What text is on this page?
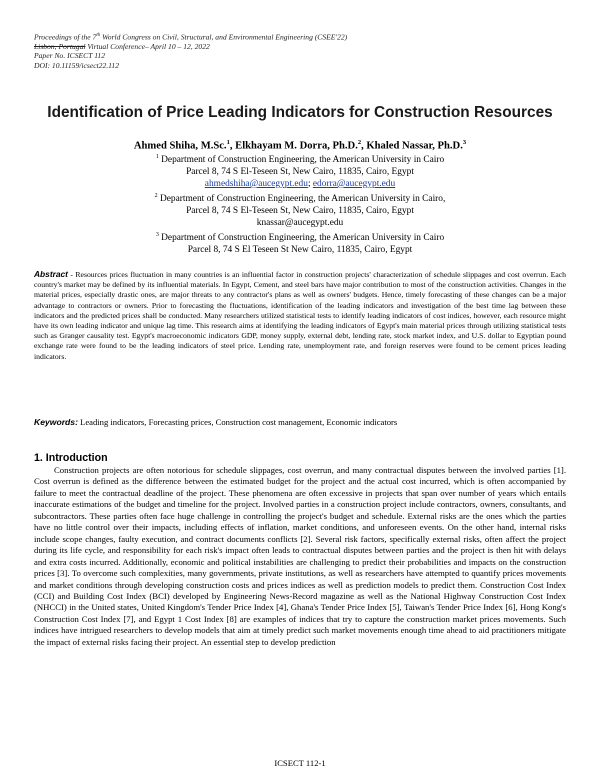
Proceedings of the 7th World Congress on Civil, Structural, and Environmental Engineering (CSEE'22)
Lisbon, Portugal Virtual Conference– April 10 – 12, 2022
Paper No. ICSECT 112
DOI: 10.11159/icsect22.112
Identification of Price Leading Indicators for Construction Resources
Ahmed Shiha, M.Sc.$^1$, Elkhayam M. Dorra, Ph.D.$^2$, Khaled Nassar, Ph.D.$^3$
$^1$ Department of Construction Engineering, the American University in Cairo
Parcel 8, 74 S El-Teseen St, New Cairo, 11835, Cairo, Egypt
ahmedshiha@aucegypt.edu; edorra@aucegypt.edu
$^2$ Department of Construction Engineering, the American University in Cairo,
Parcel 8, 74 S El-Teseen St, New Cairo, 11835, Cairo, Egypt
knassar@aucegypt.edu
$^3$ Department of Construction Engineering, the American University in Cairo
Parcel 8, 74 S El Teseen St New Cairo, 11835, Cairo, Egypt
Abstract - Resources prices fluctuation in many countries is an influential factor in construction projects' characterization of schedule slippages and cost overrun. Each country's market may be defined by its influential materials. In Egypt, Cement, and steel bars have major contribution to most of the construction activities. Changes in the material prices, especially drastic ones, are major threats to any contractor's plans as well as owners' budgets. Hence, timely forecasting of these changes can be a major advantage to contractors or owners. Prior to forecasting the fluctuations, identification of the leading indicators and investigation of the best time lag between these indicators and the predicted prices shall be conducted. Many researchers utilized statistical tests to identify leading indicators of cost indices, however, each resource might have its own leading indicator and unique lag time. This research aims at identifying the leading indicators of Egypt's main material prices through utilizing statistical tests such as Granger causality test. Egypt's macroeconomic indicators GDP, money supply, external debt, lending rate, stock market index, and U.S. dollar to Egyptian pound exchange rate were found to be the leading indicators of steel price. Lending rate, unemployment rate, and foreign reserves were found to be cement prices leading indicators.
Keywords: Leading indicators, Forecasting prices, Construction cost management, Economic indicators
1. Introduction
Construction projects are often notorious for schedule slippages, cost overrun, and many contractual disputes between the involved parties [1]. Cost overrun is defined as the difference between the estimated budget for the project and the actual cost incurred, which is often accompanied by failure to meet the contractual deadline of the project. These phenomena are often excessive in projects that span over number of years which entails inaccurate estimations of the budget and timeline for the project. Involved parties in a construction project include contractors, owners, consultants, and subcontractors. These parties often face huge challenge in controlling the project's budget and schedule. External risks are the ones which the parties have no little control over their impacts, including effects of inflation, market conditions, and unforeseen events. On the other hand, internal risks include scope changes, faulty execution, and contract documents conflicts [2]. Several risk factors, specifically external risks, often affect the project during its life cycle, and responsibility for each risk's impact often leads to contractual disputes between parties and the project is then hit with delays and extra costs incurred. Additionally, economic and political instabilities are challenging to predict their probabilities and impacts on the construction prices [3]. To overcome such complexities, many governments, private institutions, as well as researchers have attempted to quantify prices movements and market conditions through developing construction costs and prices indices as well as prediction models to predict them. Construction Cost Index (CCI) and Building Cost Index (BCI) developed by Engineering News-Record magazine as well as the National Highway Construction Cost Index (NHCCI) in the United states, United Kingdom's Tender Price Index [4], Ghana's Tender Price Index [5], Taiwan's Tender Price Index [6], Hong Kong's Construction Cost Index [7], and Egypt 1 Cost Index [8] are examples of indices that try to capture the construction market prices movements. Such indices have intrigued researchers to develop models that aim at timely predict such market movements enough time ahead to aid practitioners mitigate the impact of external risks facing their project. An essential step to develop prediction
ICSECT 112-1
